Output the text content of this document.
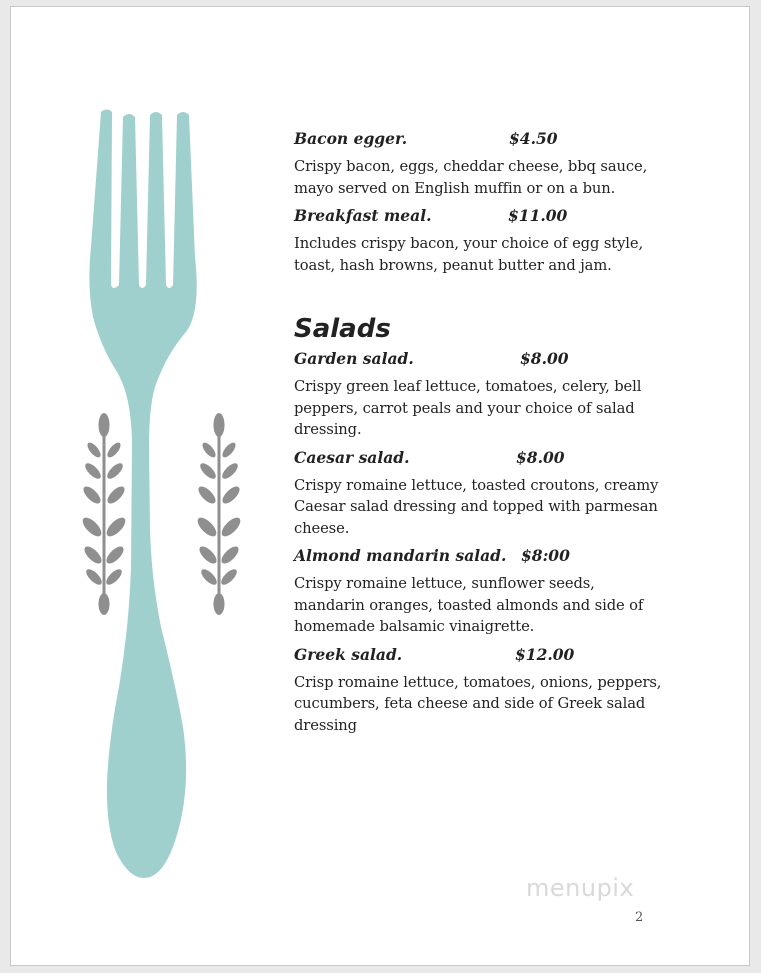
Bacon egger.	$4.50

Crispy bacon, eggs, cheddar cheese, bbq sauce, mayo served on English muffin or on a bun.

Breakfast meal.	$11.00

Includes crispy bacon, your choice of egg style, toast, hash browns, peanut butter and jam.

Salads
Garden salad.	$8.00

Crispy green leaf lettuce, tomatoes, celery, bell peppers, carrot peals and your choice of salad dressing.

Caesar salad.	$8.00

Crispy romaine lettuce, toasted croutons, creamy Caesar salad dressing and topped with parmesan cheese.

Almond mandarin salad. $8:00

Crispy romaine lettuce, sunflower seeds, mandarin oranges, toasted almonds and side of homemade balsamic vinaigrette.

Greek salad.	$12.00

Crisp romaine lettuce, tomatoes, onions, peppers, cucumbers, feta cheese and side of Greek salad dressing

menupix
2
